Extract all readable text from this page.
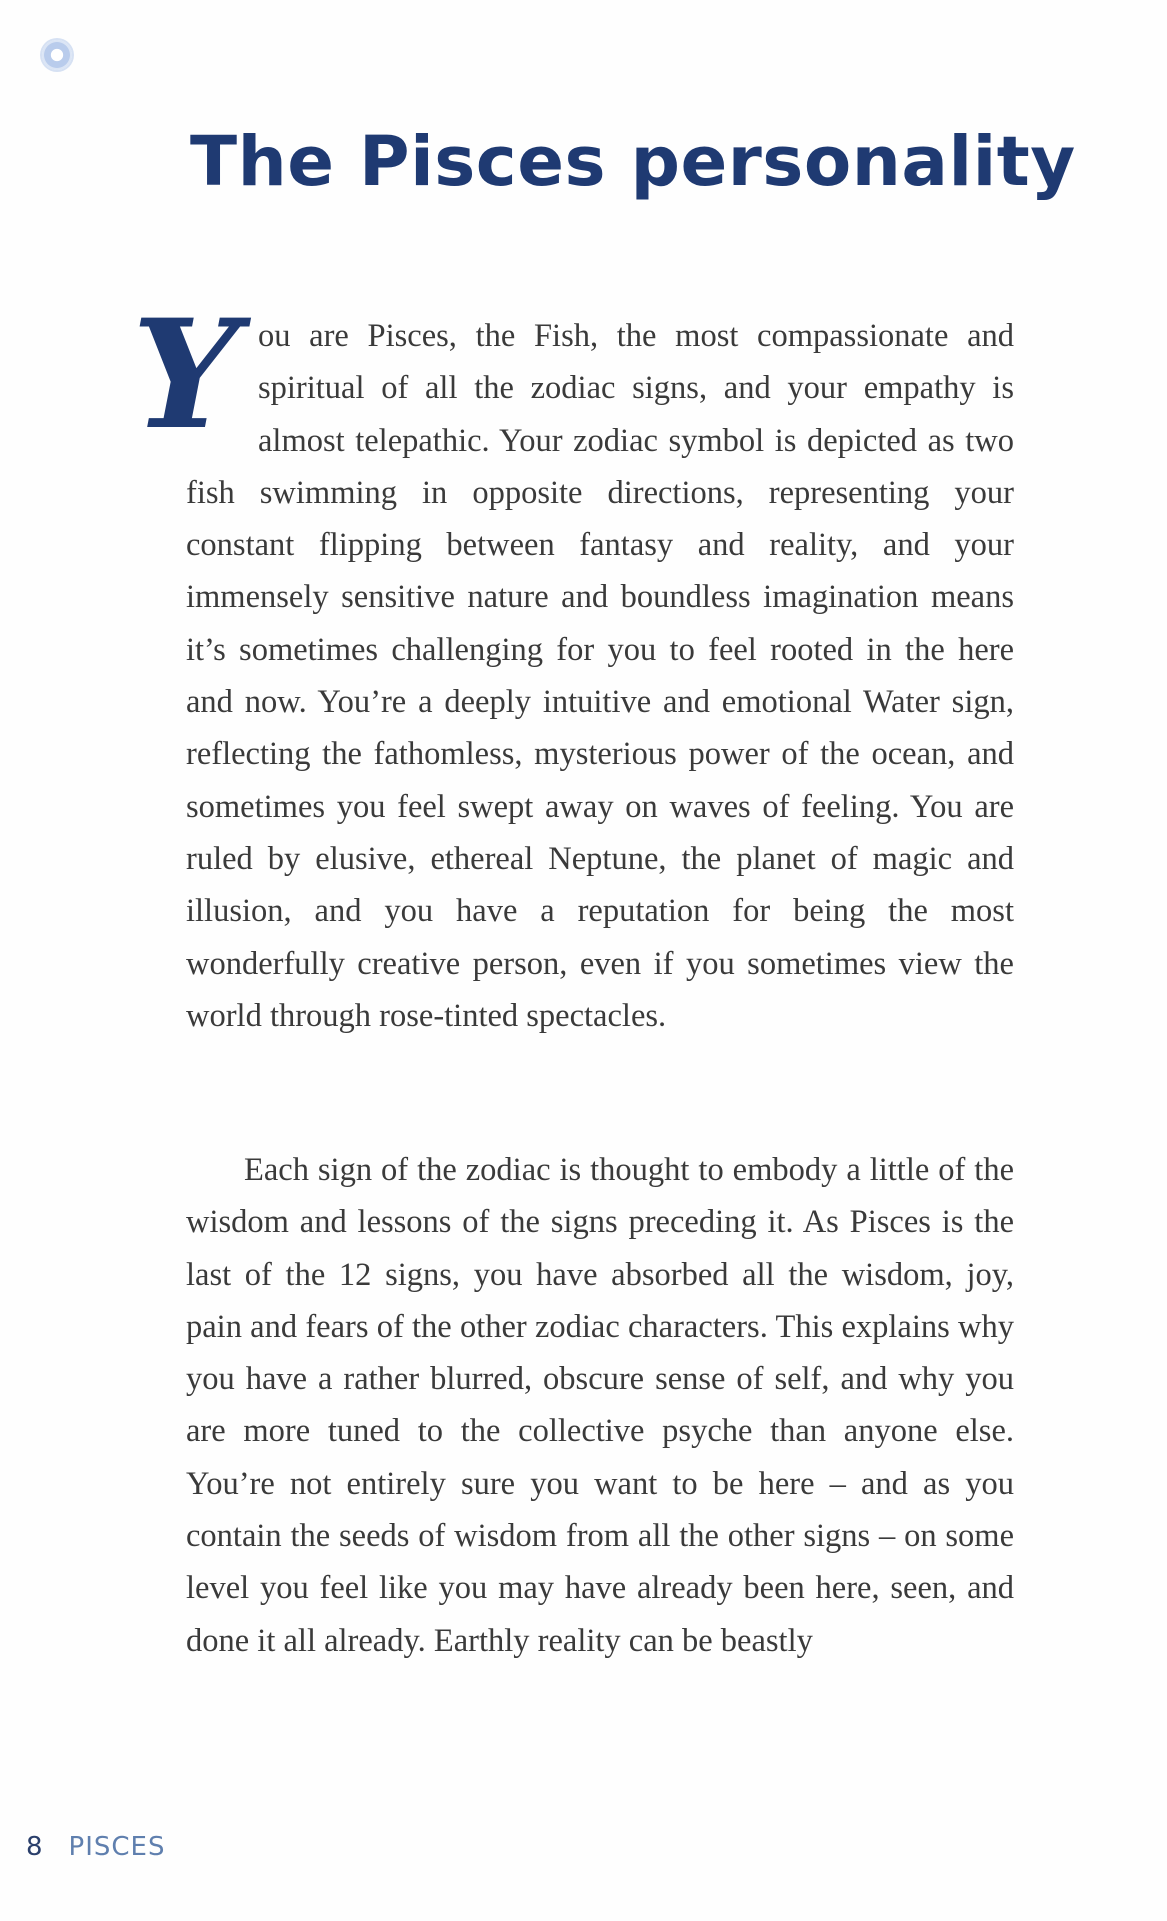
The Pisces personality
Y ou are Pisces, the Fish, the most compassionate and spiritual of all the zodiac signs, and your empathy is almost telepathic. Your zodiac symbol is depicted as two fish swimming in opposite directions, representing your constant flipping between fantasy and reality, and your immensely sensitive nature and boundless imagination means it’s sometimes challenging for you to feel rooted in the here and now. You’re a deeply intuitive and emotional Water sign, reflecting the fathomless, mysterious power of the ocean, and sometimes you feel swept away on waves of feeling. You are ruled by elusive, ethereal Neptune, the planet of magic and illusion, and you have a reputation for being the most wonderfully creative person, even if you sometimes view the world through rose-tinted spectacles.

Each sign of the zodiac is thought to embody a little of the wisdom and lessons of the signs preceding it. As Pisces is the last of the 12 signs, you have absorbed all the wisdom, joy, pain and fears of the other zodiac characters. This explains why you have a rather blurred, obscure sense of self, and why you are more tuned to the collective psyche than anyone else. You’re not entirely sure you want to be here – and as you contain the seeds of wisdom from all the other signs – on some level you feel like you may have already been here, seen, and done it all already. Earthly reality can be beastly

8 PISCES
